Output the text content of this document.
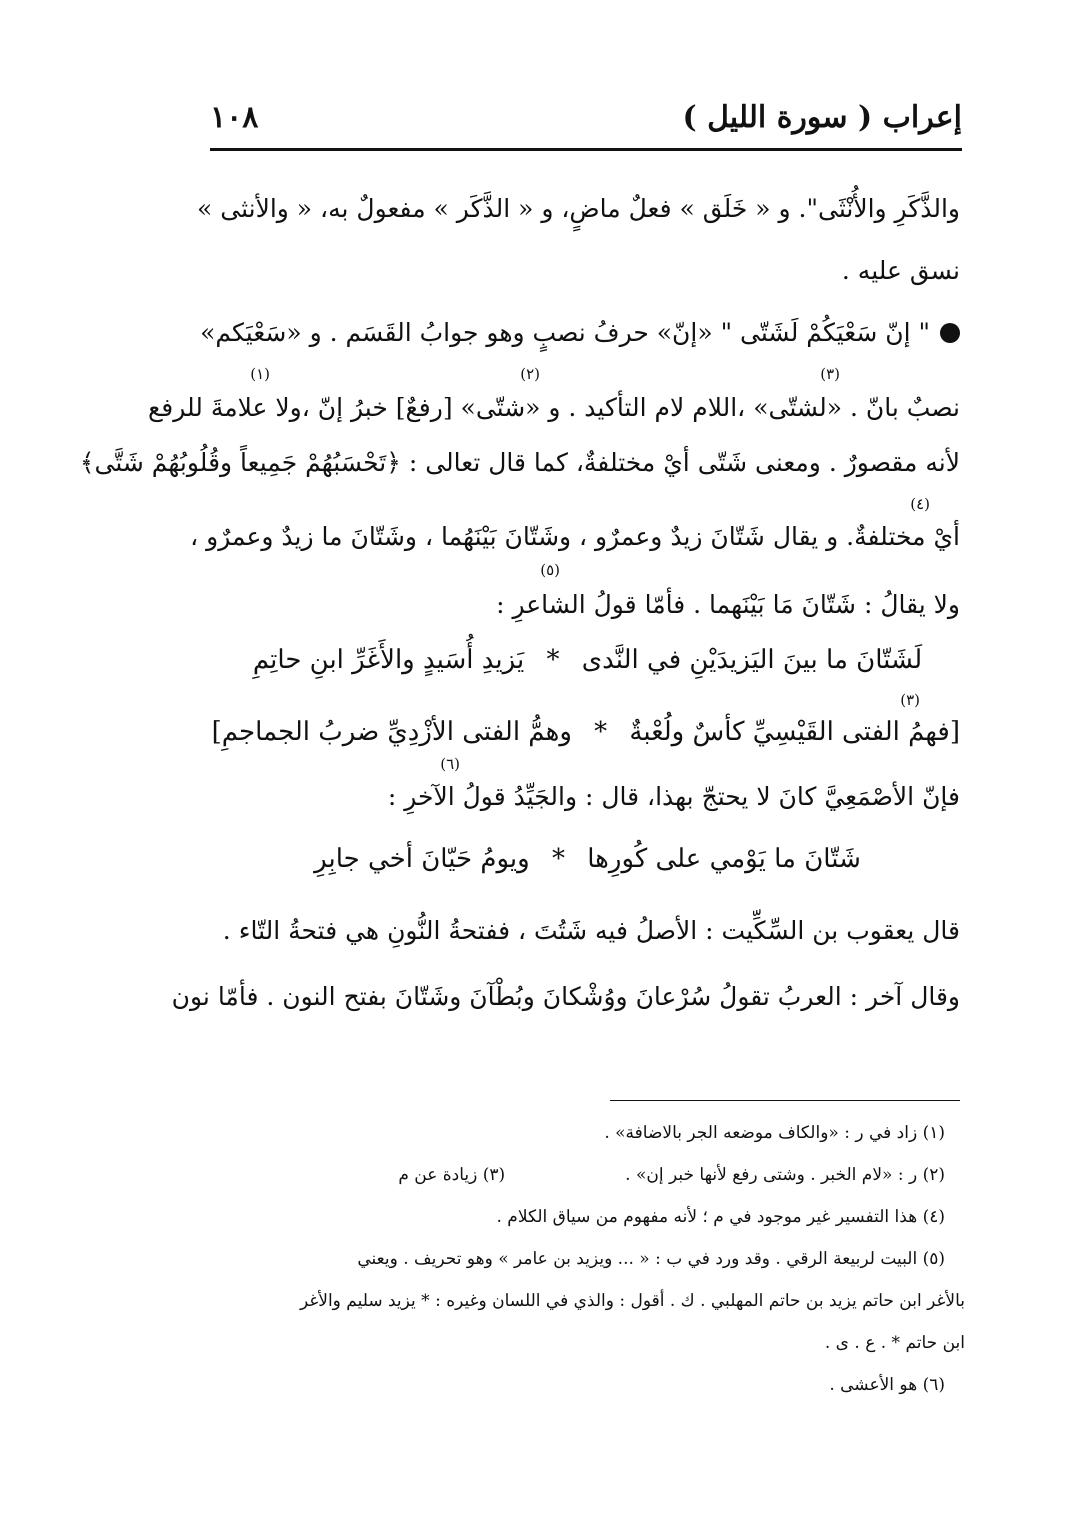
١٠٨	إعراب ( سورة الليل )
والذَّكَرِ والأُنْثَى". و « خَلَق » فعلٌ ماضٍ، و « الذَّكَر » مفعولٌ به، « والأنثى »
نسق عليه .
" إنّ سَعْيَكُمْ لَشَتّى " «إنّ» حرفُ نصبٍ وهو جوابُ القَسَم . و «سَعْيَكم»
(١)	(٢)	(٣)
نصبٌ بانّ . «لشتّى» ،اللام لام التأكيد . و «شتّى» [رفعٌ] خبرُ إنّ ،ولا علامةَ للرفع
لأنه مقصورٌ . ومعنى شَتّى أيْ مختلفةٌ، كما قال تعالى : ﴿تَحْسَبُهُمْ جَمِيعاً وقُلُوبُهُمْ شَتَّى﴾
(٤)
أيْ مختلفةٌ. و يقال شَتّانَ زيدٌ وعمرٌو ، وشَتّانَ بَيْنَهُما ، وشَتّانَ ما زيدٌ وعمرٌو ،
(٥)
ولا يقالُ : شَتّانَ مَا بَيْنَهما . فأمّا قولُ الشاعرِ :
لَشَتّانَ ما بينَ اليَزيدَيْنِ في النَّدى * يَزيدِ أُسَيدٍ والأَغَرِّ ابنِ حاتِمِ
(٣)
[فهمُ الفتى القَيْسِيِّ كأسٌ ولُعْبةٌ * وهمُّ الفتى الأزْدِيِّ ضربُ الجماجمِ]
(٦)
فإنّ الأصْمَعِيَّ كانَ لا يحتجّ بهذا، قال : والجَيِّدُ قولُ الآخرِ :
شَتّانَ ما يَوْمي على كُورِها * ويومُ حَيّانَ أخي جابِرِ
قال يعقوب بن السِّكِّيت : الأصلُ فيه شَتُتَ ، ففتحةُ النُّونِ هي فتحةُ التّاء .
وقال آخر : العربُ تقولُ سُرْعانَ ووُشْكانَ وبُطْآنَ وشَتّانَ بفتح النون . فأمّا نون
(١) زاد في ر : «والكاف موضعه الجر بالاضافة» .
(٢) ر : «لام الخبر . وشتى رفع لأنها خبر إن» .
(٣) زيادة عن م
(٤) هذا التفسير غير موجود في م ؛ لأنه مفهوم من سياق الكلام .
(٥) البيت لربيعة الرقي . وقد ورد في ب : « ... ويزيد بن عامر » وهو تحريف . ويعني
بالأغر ابن حاتم يزيد بن حاتم المهلبي . ك . أقول : والذي في اللسان وغيره : * يزيد سليم والأغر
ابن حاتم * . ع . ى .
(٦) هو الأعشى .
